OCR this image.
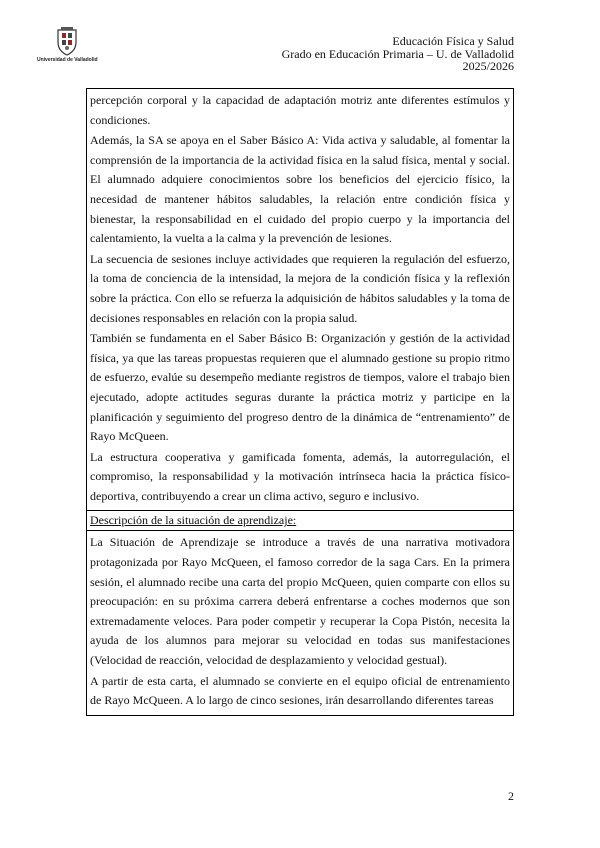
Universidad de Valladolid
Educación Física y Salud
Grado en Educación Primaria – U. de Valladolid
2025/2026

percepción corporal y la capacidad de adaptación motriz ante diferentes estímulos y condiciones.

Además, la SA se apoya en el Saber Básico A: Vida activa y saludable, al fomentar la comprensión de la importancia de la actividad física en la salud física, mental y social. El alumnado adquiere conocimientos sobre los beneficios del ejercicio físico, la necesidad de mantener hábitos saludables, la relación entre condición física y bienestar, la responsabilidad en el cuidado del propio cuerpo y la importancia del calentamiento, la vuelta a la calma y la prevención de lesiones.

La secuencia de sesiones incluye actividades que requieren la regulación del esfuerzo, la toma de conciencia de la intensidad, la mejora de la condición física y la reflexión sobre la práctica. Con ello se refuerza la adquisición de hábitos saludables y la toma de decisiones responsables en relación con la propia salud.

También se fundamenta en el Saber Básico B: Organización y gestión de la actividad física, ya que las tareas propuestas requieren que el alumnado gestione su propio ritmo de esfuerzo, evalúe su desempeño mediante registros de tiempos, valore el trabajo bien ejecutado, adopte actitudes seguras durante la práctica motriz y participe en la planificación y seguimiento del progreso dentro de la dinámica de “entrenamiento” de Rayo McQueen.

La estructura cooperativa y gamificada fomenta, además, la autorregulación, el compromiso, la responsabilidad y la motivación intrínseca hacia la práctica físico-deportiva, contribuyendo a crear un clima activo, seguro e inclusivo.

Descripción de la situación de aprendizaje:

La Situación de Aprendizaje se introduce a través de una narrativa motivadora protagonizada por Rayo McQueen, el famoso corredor de la saga Cars. En la primera sesión, el alumnado recibe una carta del propio McQueen, quien comparte con ellos su preocupación: en su próxima carrera deberá enfrentarse a coches modernos que son extremadamente veloces. Para poder competir y recuperar la Copa Pistón, necesita la ayuda de los alumnos para mejorar su velocidad en todas sus manifestaciones (Velocidad de reacción, velocidad de desplazamiento y velocidad gestual).

A partir de esta carta, el alumnado se convierte en el equipo oficial de entrenamiento de Rayo McQueen. A lo largo de cinco sesiones, irán desarrollando diferentes tareas

2
